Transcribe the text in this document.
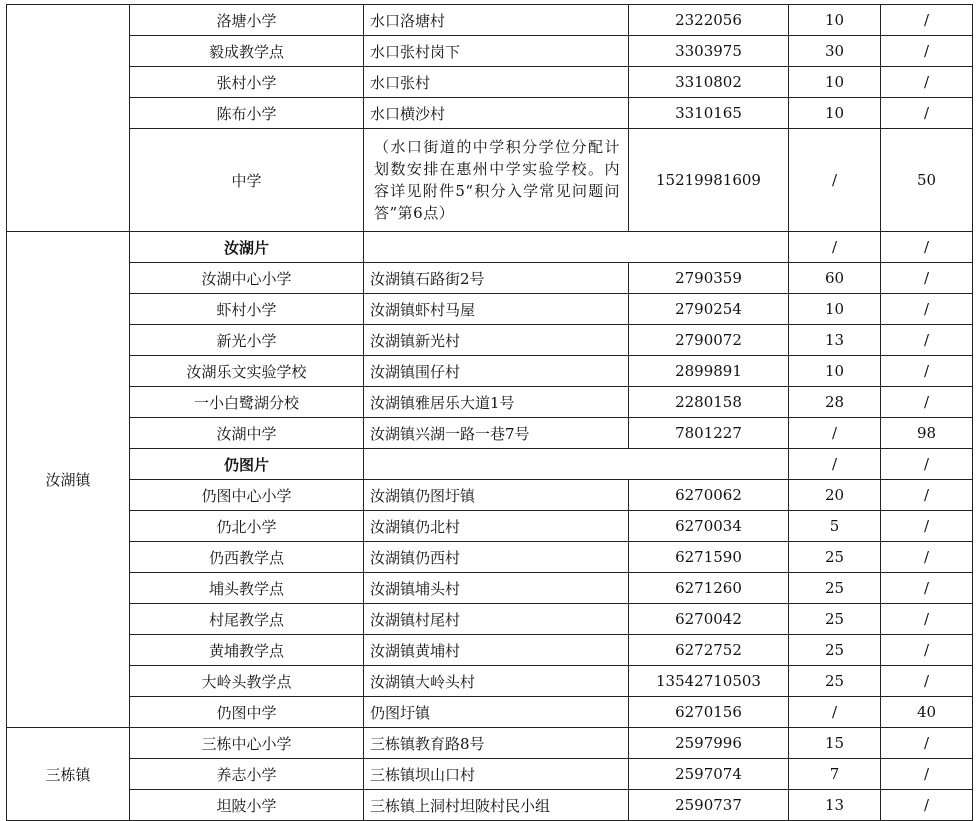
	洛塘小学	水口洛塘村	2322056	10	/
	毅成教学点	水口张村岗下	3303975	30	/
	张村小学	水口张村	3310802	10	/
	陈布小学	水口横沙村	3310165	10	/
	中学	（水口街道的中学积分学位分配计划数安排在惠州中学实验学校。内容详见附件5“积分入学常见问题问答”第6点）	15219981609	/	50
汝湖镇	汝湖片			/	/
	汝湖中心小学	汝湖镇石路街2号	2790359	60	/
	虾村小学	汝湖镇虾村马屋	2790254	10	/
	新光小学	汝湖镇新光村	2790072	13	/
	汝湖乐文实验学校	汝湖镇围仔村	2899891	10	/
	一小白鹭湖分校	汝湖镇雅居乐大道1号	2280158	28	/
	汝湖中学	汝湖镇兴湖一路一巷7号	7801227	/	98
	仍图片			/	/
	仍图中心小学	汝湖镇仍图圩镇	6270062	20	/
	仍北小学	汝湖镇仍北村	6270034	5	/
	仍西教学点	汝湖镇仍西村	6271590	25	/
	埔头教学点	汝湖镇埔头村	6271260	25	/
	村尾教学点	汝湖镇村尾村	6270042	25	/
	黄埔教学点	汝湖镇黄埔村	6272752	25	/
	大岭头教学点	汝湖镇大岭头村	13542710503	25	/
	仍图中学	仍图圩镇	6270156	/	40
三栋镇	三栋中心小学	三栋镇教育路8号	2597996	15	/
	养志小学	三栋镇坝山口村	2597074	7	/
	坦陂小学	三栋镇上洞村坦陂村民小组	2590737	13	/
